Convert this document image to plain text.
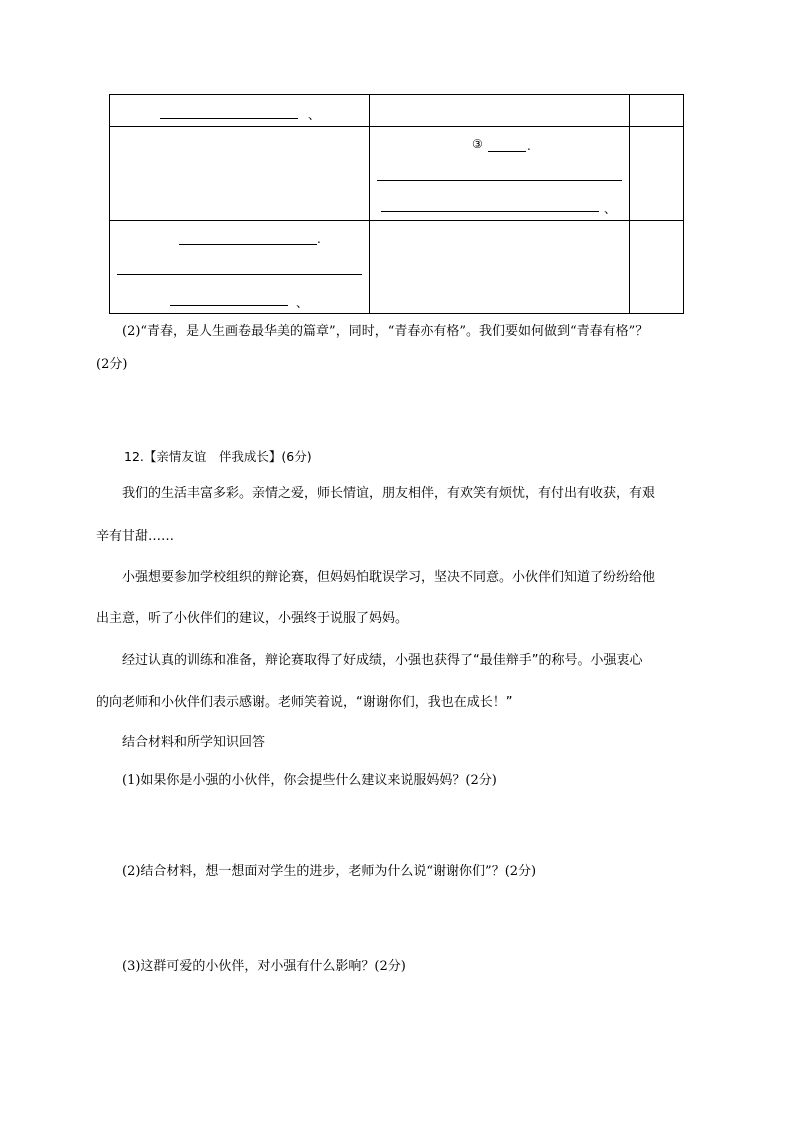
、
③	.
、
.
、
(2)“青春，是人生画卷最华美的篇章”，同时，“青春亦有格”。我们要如何做到“青春有格”？
(2分)
12.【亲情友谊　伴我成长】(6分)
我们的生活丰富多彩。亲情之爱，师长情谊，朋友相伴，有欢笑有烦忧，有付出有收获，有艰
辛有甘甜……
小强想要参加学校组织的辩论赛，但妈妈怕耽误学习，坚决不同意。小伙伴们知道了纷纷给他
出主意，听了小伙伴们的建议，小强终于说服了妈妈。
经过认真的训练和准备，辩论赛取得了好成绩，小强也获得了“最佳辩手”的称号。小强衷心
的向老师和小伙伴们表示感谢。老师笑着说，“谢谢你们，我也在成长！”
结合材料和所学知识回答
(1)如果你是小强的小伙伴，你会提些什么建议来说服妈妈？(2分)
(2)结合材料，想一想面对学生的进步，老师为什么说“谢谢你们”？(2分)
(3)这群可爱的小伙伴，对小强有什么影响？(2分)
